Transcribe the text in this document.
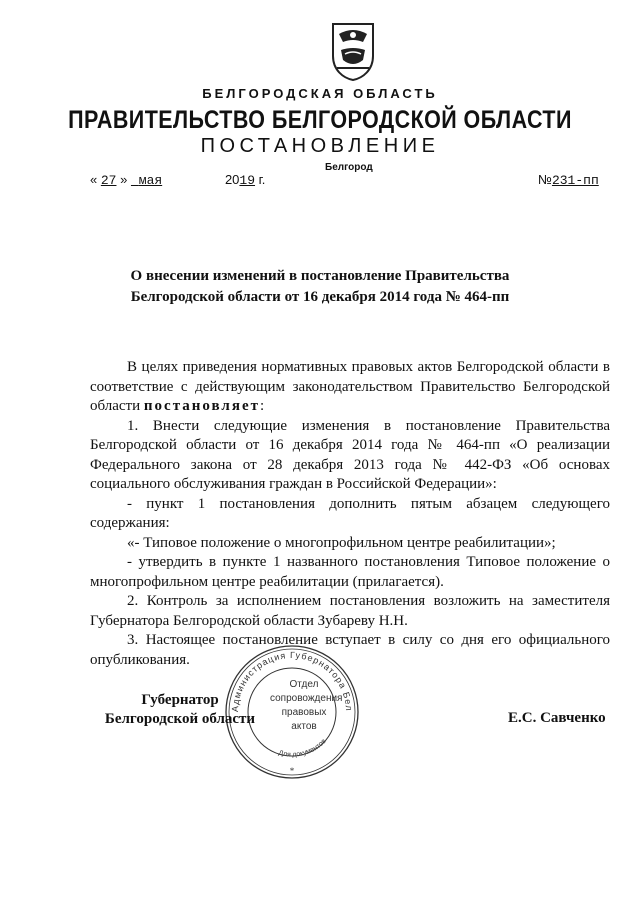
БЕЛГОРОДСКАЯ ОБЛАСТЬ
ПРАВИТЕЛЬСТВО БЕЛГОРОДСКОЙ ОБЛАСТИ
ПОСТАНОВЛЕНИЕ
Белгород
« 27 » мая	2019 г.	№231-пп
О внесении изменений в постановление Правительства
Белгородской области от 16 декабря 2014 года № 464-пп

В целях приведения нормативных правовых актов Белгородской области в соответствие с действующим законодательством Правительство Белгородской области постановляет:

1. Внести следующие изменения в постановление Правительства Белгородской области от 16 декабря 2014 года № 464-пп «О реализации Федерального закона от 28 декабря 2013 года № 442-ФЗ «Об основах социального обслуживания граждан в Российской Федерации»:

- пункт 1 постановления дополнить пятым абзацем следующего содержания:

«- Типовое положение о многопрофильном центре реабилитации»;

- утвердить в пункте 1 названного постановления Типовое положение о многопрофильном центре реабилитации (прилагается).

2. Контроль за исполнением постановления возложить на заместителя Губернатора Белгородской области Зубареву Н.Н.

3. Настоящее постановление вступает в силу со дня его официального опубликования.

Администрация Губернатора Бел
Для документов
*
Отдел
сопровождения
правовых
актов
Губернатор
Белгородской области	Е.С. Савченко
